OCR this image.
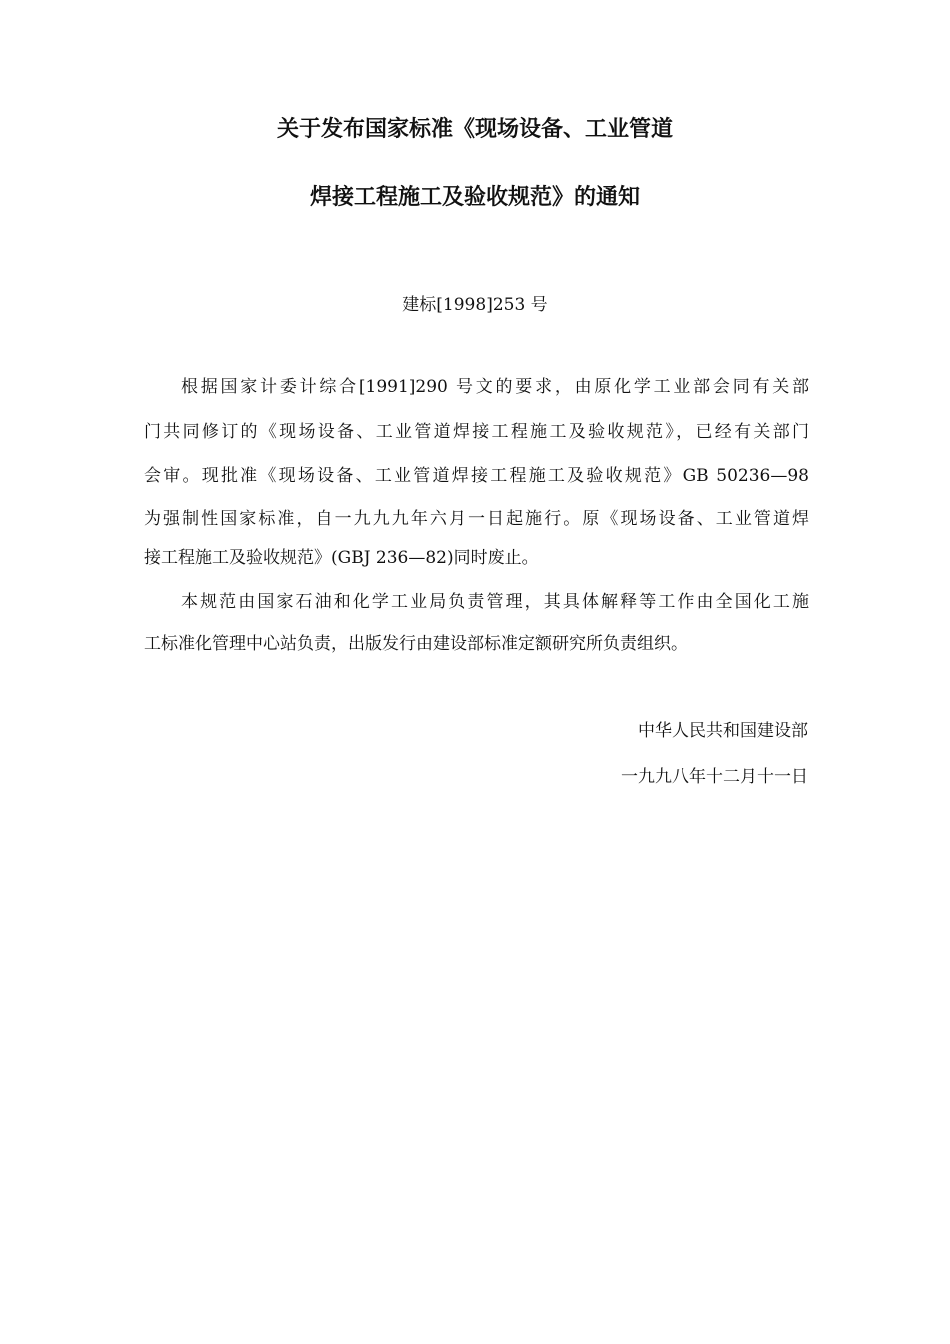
关于发布国家标准《现场设备、工业管道
焊接工程施工及验收规范》的通知
建标[1998]253 号
根据国家计委计综合[1991]290 号文的要求，由原化学工业部会同有关部
门共同修订的《现场设备、工业管道焊接工程施工及验收规范》，已经有关部门
会审。现批准《现场设备、工业管道焊接工程施工及验收规范》GB 50236—98
为强制性国家标准，自一九九九年六月一日起施行。原《现场设备、工业管道焊
接工程施工及验收规范》(GBJ 236—82)同时废止。
本规范由国家石油和化学工业局负责管理，其具体解释等工作由全国化工施
工标准化管理中心站负责，出版发行由建设部标准定额研究所负责组织。
中华人民共和国建设部
一九九八年十二月十一日
